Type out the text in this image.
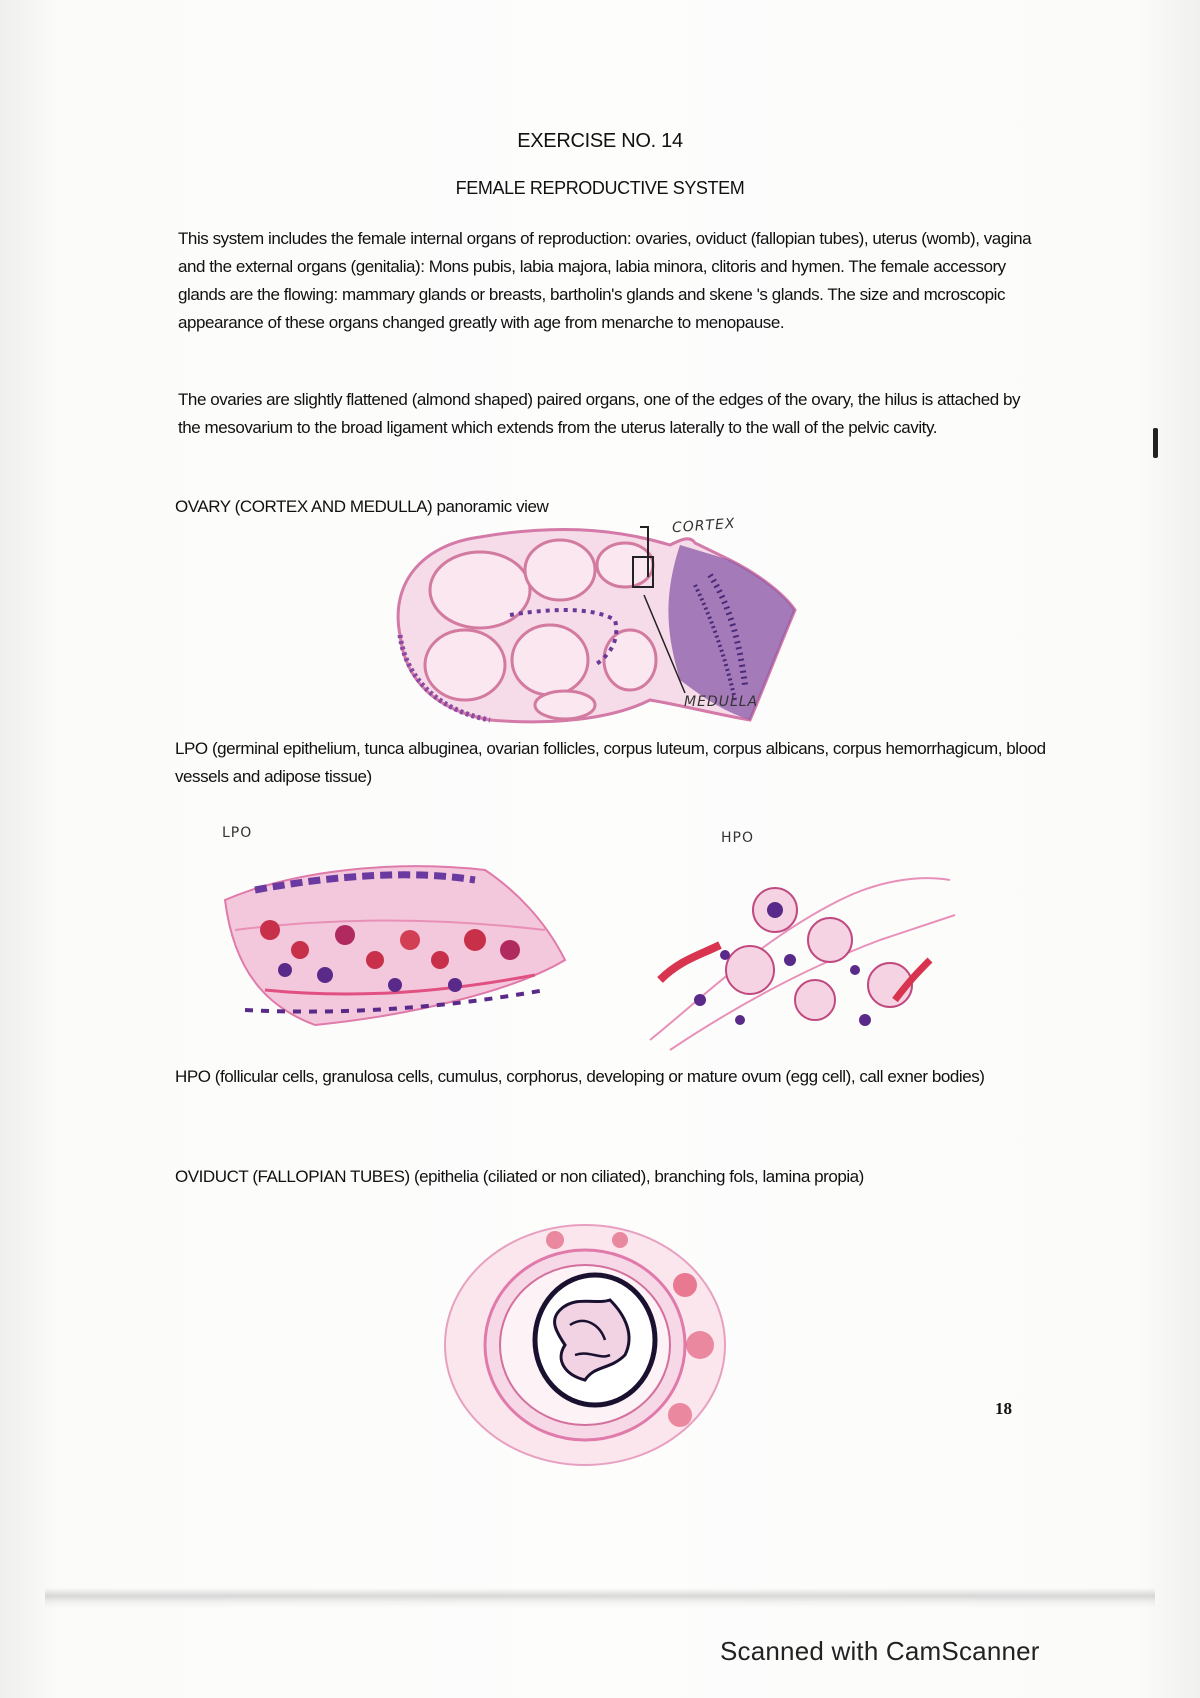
EXERCISE NO. 14
FEMALE REPRODUCTIVE SYSTEM

This system includes the female internal organs of reproduction: ovaries, oviduct (fallopian tubes), uterus (womb), vagina and the external organs (genitalia): Mons pubis, labia majora, labia minora, clitoris and hymen. The female accessory glands are the flowing: mammary glands or breasts, bartholin's glands and skene 's glands. The size and mcroscopic appearance of these organs changed greatly with age from menarche to menopause.

The ovaries are slightly flattened (almond shaped) paired organs, one of the edges of the ovary, the hilus is attached by the mesovarium to the broad ligament which extends from the uterus laterally to the wall of the pelvic cavity.

OVARY (CORTEX AND MEDULLA) panoramic view

CORTEX
MEDULLA

LPO (germinal epithelium, tunca albuginea, ovarian follicles, corpus luteum, corpus albicans, corpus hemorrhagicum, blood vessels and adipose tissue)

LPO	HPO

HPO (follicular cells, granulosa cells, cumulus, corphorus, developing or mature ovum (egg cell), call exner bodies)

OVIDUCT (FALLOPIAN TUBES) (epithelia (ciliated or non ciliated), branching fols, lamina propia)

18
Scanned with CamScanner
